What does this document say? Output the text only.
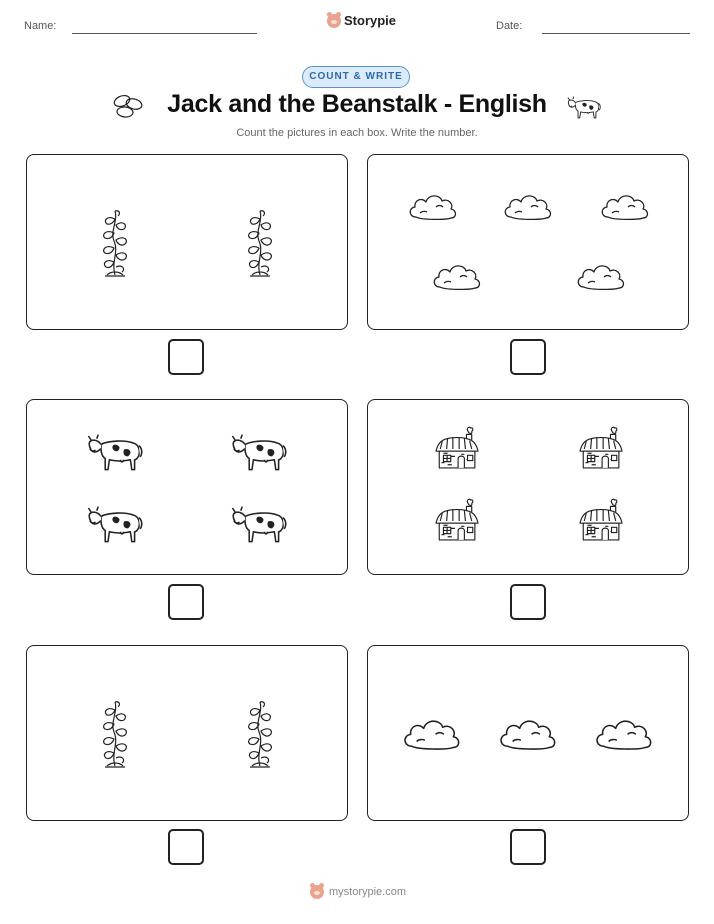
Name:	Storypie	Date:
COUNT & WRITE
Jack and the Beanstalk - English
Count the pictures in each box. Write the number.
mystorypie.com
